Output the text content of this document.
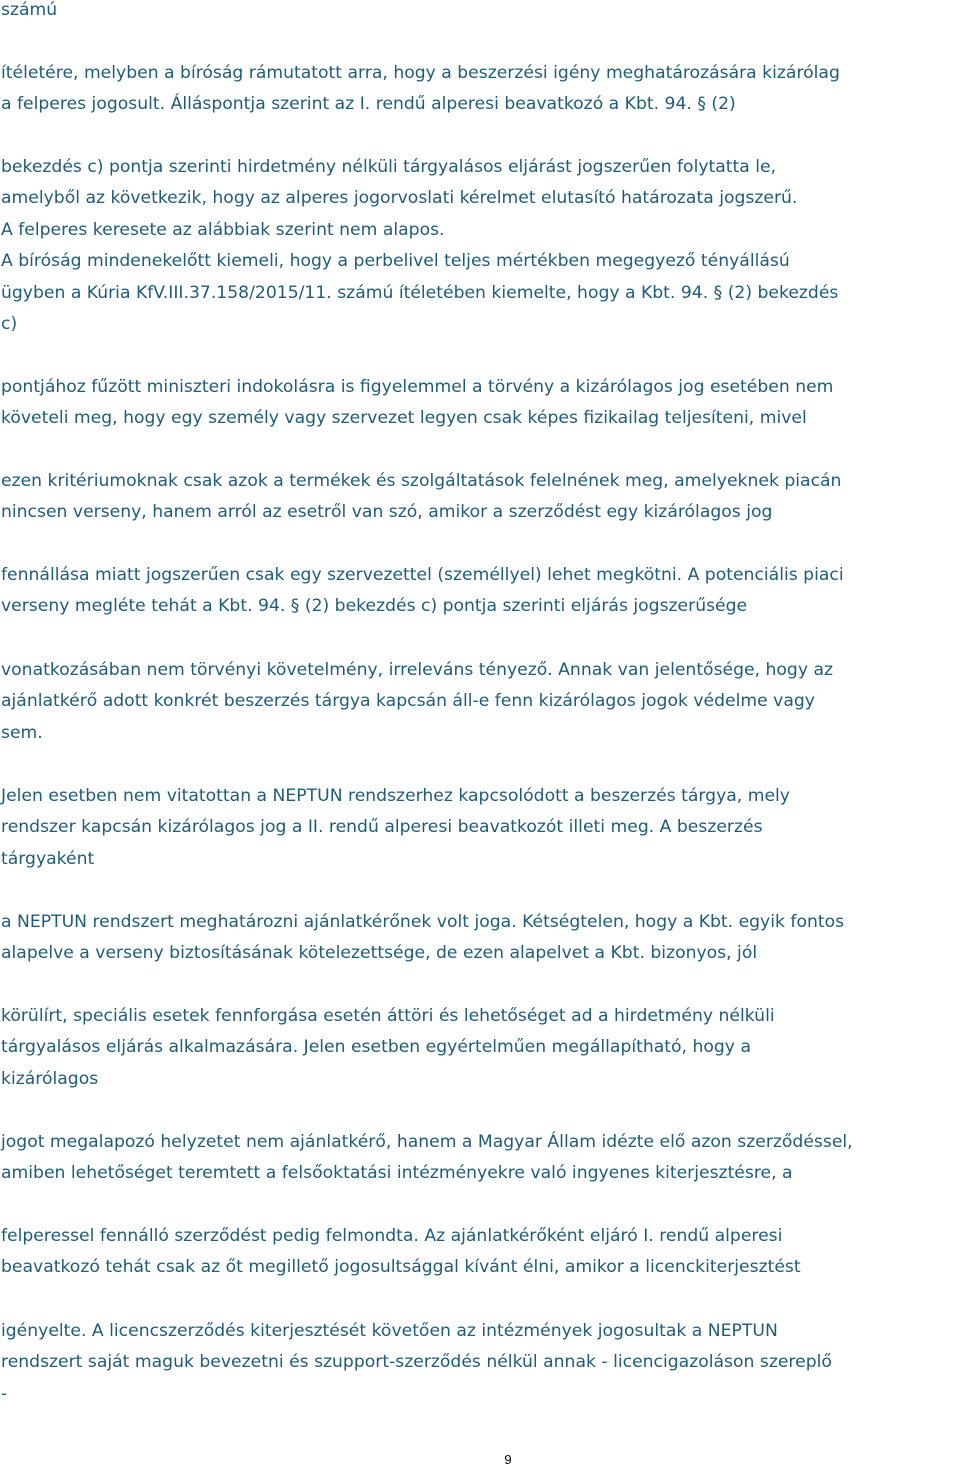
számú
ítéletére, melyben a bíróság rámutatott arra, hogy a beszerzési igény meghatározására kizárólag
a felperes jogosult. Álláspontja szerint az I. rendű alperesi beavatkozó a Kbt. 94. § (2)
bekezdés c) pontja szerinti hirdetmény nélküli tárgyalásos eljárást jogszerűen folytatta le,
amelyből az következik, hogy az alperes jogorvoslati kérelmet elutasító határozata jogszerű.
A felperes keresete az alábbiak szerint nem alapos.
A bíróság mindenekelőtt kiemeli, hogy a perbelivel teljes mértékben megegyező tényállású
ügyben a Kúria KfV.III.37.158/2015/11. számú ítéletében kiemelte, hogy a Kbt. 94. § (2) bekezdés
c)
pontjához fűzött miniszteri indokolásra is figyelemmel a törvény a kizárólagos jog esetében nem
követeli meg, hogy egy személy vagy szervezet legyen csak képes fizikailag teljesíteni, mivel
ezen kritériumoknak csak azok a termékek és szolgáltatások felelnének meg, amelyeknek piacán
nincsen verseny, hanem arról az esetről van szó, amikor a szerződést egy kizárólagos jog
fennállása miatt jogszerűen csak egy szervezettel (személlyel) lehet megkötni. A potenciális piaci
verseny megléte tehát a Kbt. 94. § (2) bekezdés c) pontja szerinti eljárás jogszerűsége
vonatkozásában nem törvényi követelmény, irreleváns tényező. Annak van jelentősége, hogy az
ajánlatkérő adott konkrét beszerzés tárgya kapcsán áll-e fenn kizárólagos jogok védelme vagy
sem.
Jelen esetben nem vitatottan a NEPTUN rendszerhez kapcsolódott a beszerzés tárgya, mely
rendszer kapcsán kizárólagos jog a II. rendű alperesi beavatkozót illeti meg. A beszerzés
tárgyaként
a NEPTUN rendszert meghatározni ajánlatkérőnek volt joga. Kétségtelen, hogy a Kbt. egyik fontos
alapelve a verseny biztosításának kötelezettsége, de ezen alapelvet a Kbt. bizonyos, jól
körülírt, speciális esetek fennforgása esetén áttöri és lehetőséget ad a hirdetmény nélküli
tárgyalásos eljárás alkalmazására. Jelen esetben egyértelműen megállapítható, hogy a
kizárólagos
jogot megalapozó helyzetet nem ajánlatkérő, hanem a Magyar Állam idézte elő azon szerződéssel,
amiben lehetőséget teremtett a felsőoktatási intézményekre való ingyenes kiterjesztésre, a
felperessel fennálló szerződést pedig felmondta. Az ajánlatkérőként eljáró I. rendű alperesi
beavatkozó tehát csak az őt megillető jogosultsággal kívánt élni, amikor a licenckiterjesztést
igényelte. A licencszerződés kiterjesztését követően az intézmények jogosultak a NEPTUN
rendszert saját maguk bevezetni és szupport-szerződés nélkül annak - licencigazoláson szereplő
-
9
